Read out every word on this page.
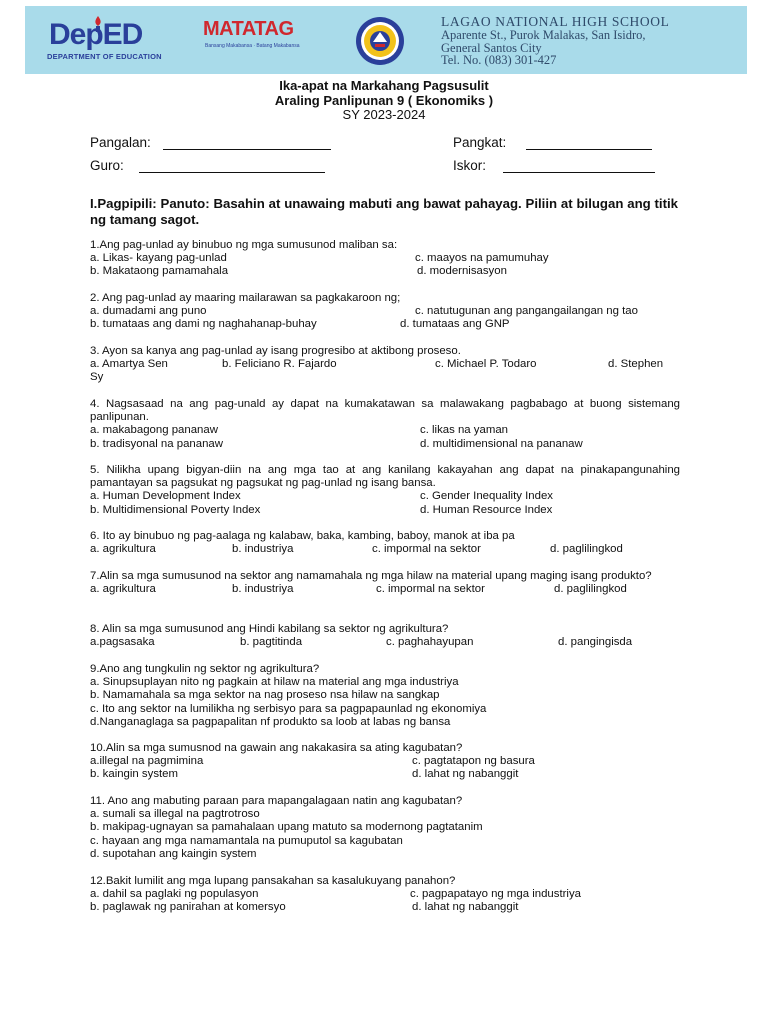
DepED
DEPARTMENT OF EDUCATION
MATATAG
Bansang Makabansa · Batang Makabansa
LAGAO NATIONAL HIGH SCHOOL
Aparente St., Purok Malakas, San Isidro,
General Santos City
Tel. No. (083) 301-427
Ika-apat na Markahang Pagsusulit
Araling Panlipunan 9 ( Ekonomiks )
SY 2023-2024
Pangalan:	Pangkat:
Guro:	Iskor:
I.Pagpipili: Panuto: Basahin at unawaing mabuti ang bawat pahayag. Piliin at bilugan ang titik ng tamang sagot.
1.Ang pag-unlad ay binubuo ng mga sumusunod maliban sa:
a. Likas- kayang pag-unlad	c. maayos na pamumuhay
b. Makataong pamamahala	d. modernisasyon
2. Ang pag-unlad ay maaring mailarawan sa pagkakaroon ng;
a. dumadami ang puno	c. natutugunan ang pangangailangan ng tao
b. tumataas ang dami ng naghahanap-buhay	d. tumataas ang GNP
3. Ayon sa kanya ang pag-unlad ay isang progresibo at aktibong proseso.
a. Amartya Sen	b. Feliciano R. Fajardo	c. Michael P. Todaro	d. Stephen
Sy
4. Nagsasaad na ang pag-unald ay dapat na kumakatawan sa malawakang pagbabago at buong sistemang panlipunan.
a. makabagong pananaw	c. likas na yaman
b. tradisyonal na pananaw	d. multidimensional na pananaw
5. Nilikha upang bigyan-diin na ang mga tao at ang kanilang kakayahan ang dapat na pinakapangunahing pamantayan sa pagsukat ng pagsukat ng pag-unlad ng isang bansa.
a. Human Development Index	c. Gender Inequality Index
b. Multidimensional Poverty Index	d. Human Resource Index
6. Ito ay binubuo ng pag-aalaga ng kalabaw, baka, kambing, baboy, manok at iba pa
a. agrikultura	b. industriya	c. impormal na sektor	d. paglilingkod
7.Alin sa mga sumusunod na sektor ang namamahala ng mga hilaw na material upang maging isang produkto?
a. agrikultura	b. industriya	c. impormal na sektor	d. paglilingkod
8. Alin sa mga sumusunod ang Hindi kabilang sa sektor ng agrikultura?
a.pagsasaka	b. pagtitinda	c. paghahayupan	d. pangingisda
9.Ano ang tungkulin ng sektor ng agrikultura?
a. Sinupsuplayan nito ng pagkain at hilaw na material ang mga industriya
b. Namamahala sa mga sektor na nag proseso nsa hilaw na sangkap
c. Ito ang sektor na lumilikha ng serbisyo para sa pagpapaunlad ng ekonomiya
d.Nanganaglaga sa pagpapalitan nf produkto sa loob at labas ng bansa
10.Alin sa mga sumusnod na gawain ang nakakasira sa ating kagubatan?
a.illegal na pagmimina	c. pagtatapon ng basura
b. kaingin system	d. lahat ng nabanggit
11. Ano ang mabuting paraan para mapangalagaan natin ang kagubatan?
a. sumali sa illegal na pagtrotroso
b. makipag-ugnayan sa pamahalaan upang matuto sa modernong pagtatanim
c. hayaan ang mga namamantala na pumuputol sa kagubatan
d. supotahan ang kaingin system
12.Bakit lumilit ang mga lupang pansakahan sa kasalukuyang panahon?
a. dahil sa paglaki ng populasyon	c. pagpapatayo ng mga industriya
b. paglawak ng panirahan at komersyo	d. lahat ng nabanggit
